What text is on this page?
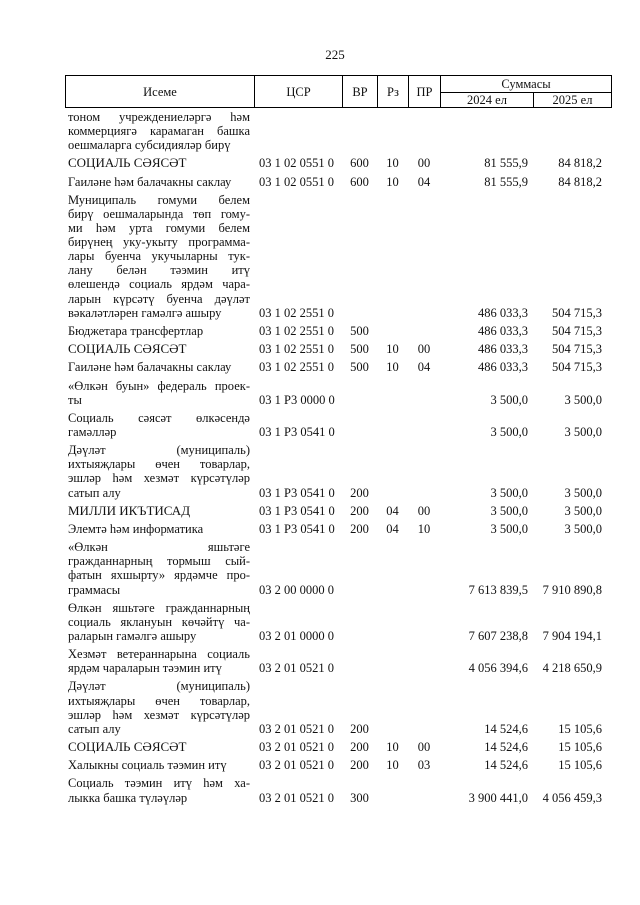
225
Исеме	ЦСР	ВР	Рз	ПР
Суммасы
2024 ел	2025 ел
тоном учреждениеләргә һәм
коммерциягә карамаган башка
оешмаларга субсидияләр бирү
СОЦИАЛЬ СӘЯСӘТ	03 1 02 0551 0	600	10	00	81 555,9	84 818,2
Гаиләне һәм балачакны саклау	03 1 02 0551 0	600	10	04	81 555,9	84 818,2
Муниципаль гомуми белем
бирү оешмаларында төп гому-
ми һәм урта гомуми белем
бирүнең уку-укыту программа-
лары буенча укучыларны тук-
лану белән тәэмин итү
өлешендә социаль ярдәм чара-
ларын күрсәтү буенча дәүләт
вәкаләтләрен гамәлгә ашыру	03 1 02 2551 0	486 033,3	504 715,3
Бюджетара трансфертлар	03 1 02 2551 0	500	486 033,3	504 715,3
СОЦИАЛЬ СӘЯСӘТ	03 1 02 2551 0	500	10	00	486 033,3	504 715,3
Гаиләне һәм балачакны саклау	03 1 02 2551 0	500	10	04	486 033,3	504 715,3
«Өлкән буын» федераль проек-
ты	03 1 Р3 0000 0	3 500,0	3 500,0
Социаль сәясәт өлкәсендә
гамәлләр	03 1 Р3 0541 0	3 500,0	3 500,0
Дәүләт (муниципаль)
ихтыяҗлары өчен товарлар,
эшләр һәм хезмәт күрсәтүләр
сатып алу	03 1 Р3 0541 0	200	3 500,0	3 500,0
МИЛЛИ ИКЪТИСАД	03 1 Р3 0541 0	200	04	00	3 500,0	3 500,0
Элемтә һәм информатика	03 1 Р3 0541 0	200	04	10	3 500,0	3 500,0
«Өлкән яшьтәге
гражданнарның тормыш сый-
фатын яхшырту» ярдәмче про-
граммасы	03 2 00 0000 0	7 613 839,5	7 910 890,8
Өлкән яшьтәге гражданнарның
социаль яклануын көчәйтү ча-
раларын гамәлгә ашыру	03 2 01 0000 0	7 607 238,8	7 904 194,1
Хезмәт ветераннарына социаль
ярдәм чараларын тәэмин итү	03 2 01 0521 0	4 056 394,6	4 218 650,9
Дәүләт (муниципаль)
ихтыяҗлары өчен товарлар,
эшләр һәм хезмәт күрсәтүләр
сатып алу	03 2 01 0521 0	200	14 524,6	15 105,6
СОЦИАЛЬ СӘЯСӘТ	03 2 01 0521 0	200	10	00	14 524,6	15 105,6
Халыкны социаль тәэмин итү	03 2 01 0521 0	200	10	03	14 524,6	15 105,6
Социаль тәэмин итү һәм ха-
лыкка башка түләүләр	03 2 01 0521 0	300	3 900 441,0	4 056 459,3
